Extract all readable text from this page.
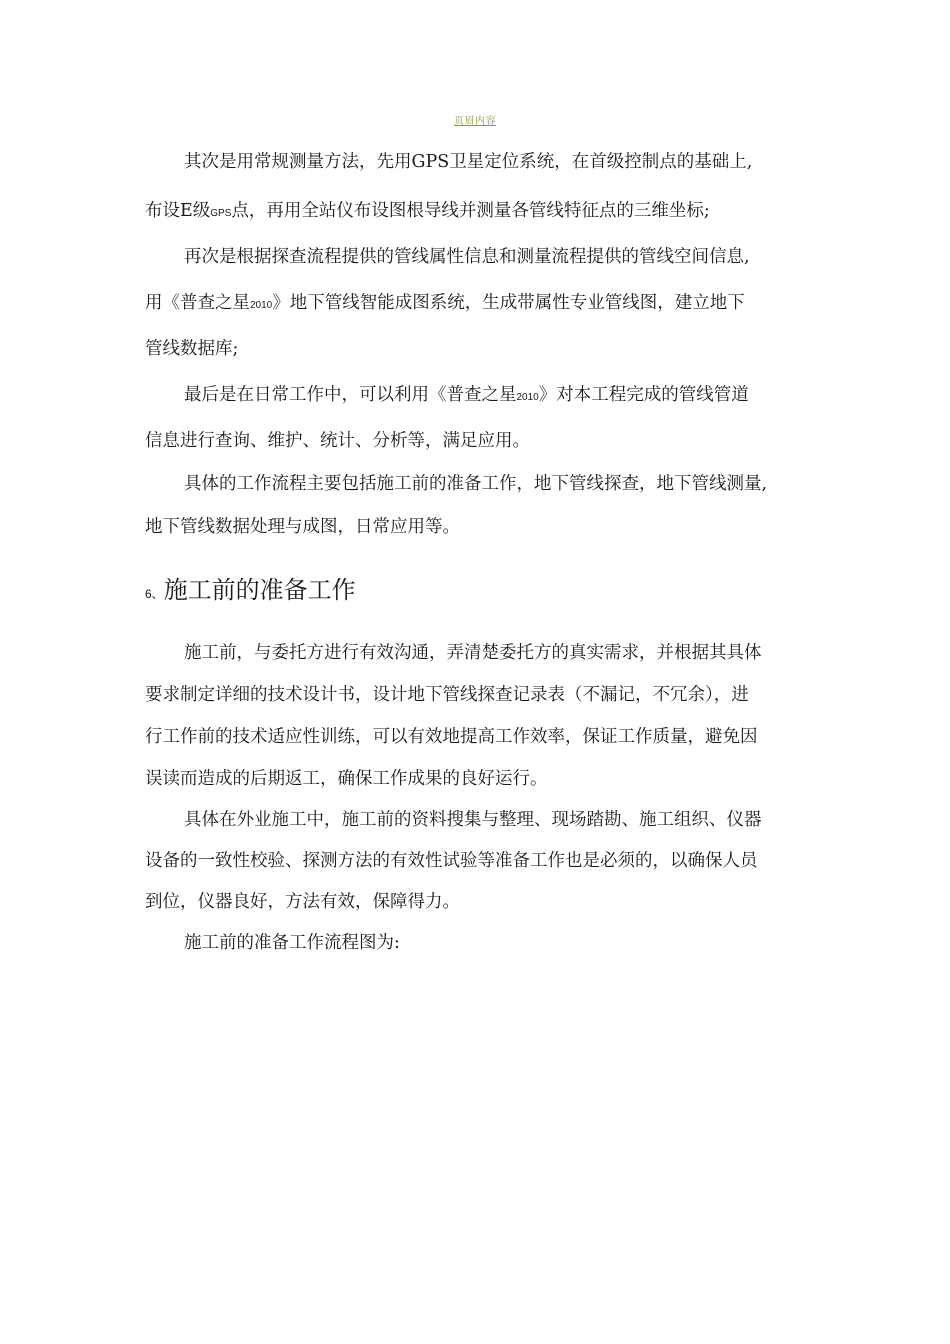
页眉内容
其次是用常规测量方法，先用GPS卫星定位系统，在首级控制点的基础上,
布设E级GPS点，再用全站仪布设图根导线并测量各管线特征点的三维坐标;
再次是根据探查流程提供的管线属性信息和测量流程提供的管线空间信息,
用《普查之星2010》地下管线智能成图系统，生成带属性专业管线图，建立地下
管线数据库;
最后是在日常工作中，可以利用《普查之星2010》对本工程完成的管线管道
信息进行查询、维护、统计、分析等，满足应用。
具体的工作流程主要包括施工前的准备工作，地下管线探查，地下管线测量,
地下管线数据处理与成图，日常应用等。
6、施工前的准备工作
施工前，与委托方进行有效沟通，弄清楚委托方的真实需求，并根据其具体
要求制定详细的技术设计书，设计地下管线探查记录表（不漏记，不冗余），进
行工作前的技术适应性训练，可以有效地提高工作效率，保证工作质量，避免因
误读而造成的后期返工，确保工作成果的良好运行。
具体在外业施工中，施工前的资料搜集与整理、现场踏勘、施工组织、仪器
设备的一致性校验、探测方法的有效性试验等准备工作也是必须的，以确保人员
到位，仪器良好，方法有效，保障得力。
施工前的准备工作流程图为:
